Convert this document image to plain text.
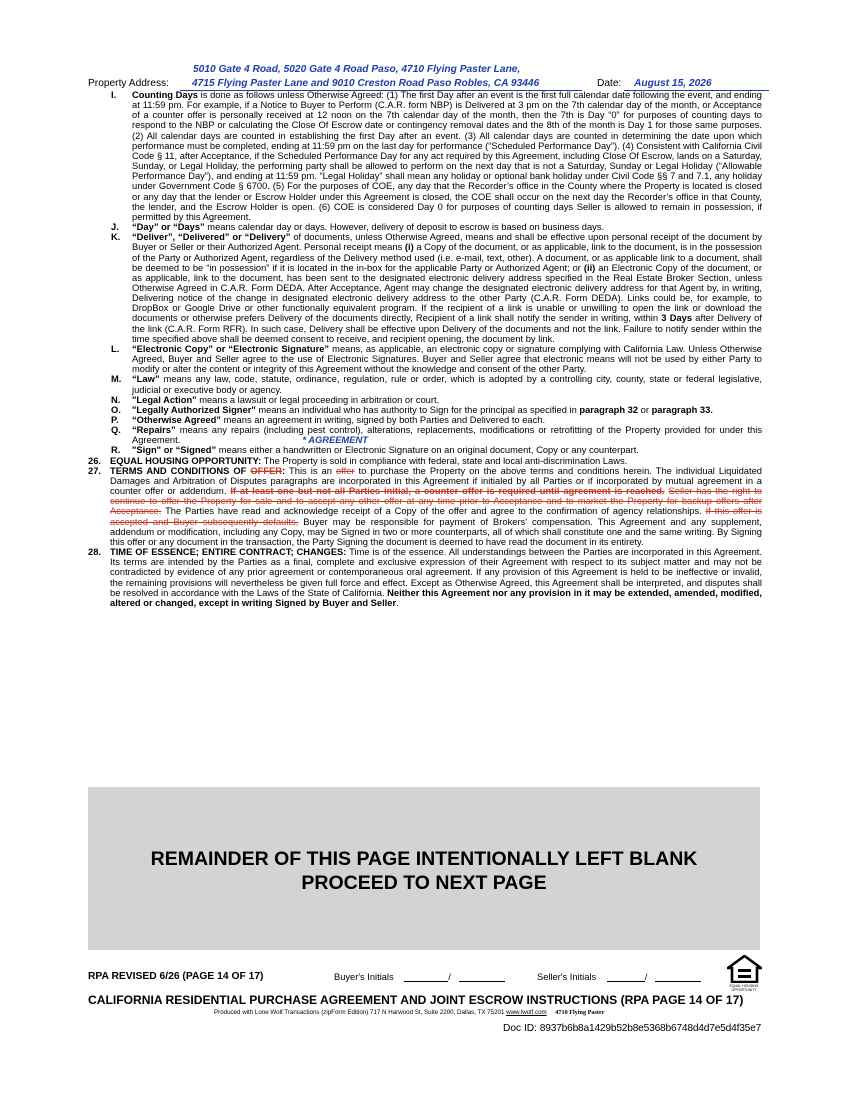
5010 Gate 4 Road, 5020 Gate 4 Road Paso, 4710 Flying Paster Lane,
Property Address:	4715 Flying Paster Lane and 9010 Creston Road Paso Robles, CA 93446	Date:	August 15, 2026

I. Counting Days is done as follows unless Otherwise Agreed: (1) The first Day after an event is the first full calendar date following the event, and ending at 11:59 pm. For example, if a Notice to Buyer to Perform (C.A.R. form NBP) is Delivered at 3 pm on the 7th calendar day of the month, or Acceptance of a counter offer is personally received at 12 noon on the 7th calendar day of the month, then the 7th is Day “0” for purposes of counting days to respond to the NBP or calculating the Close Of Escrow date or contingency removal dates and the 8th of the month is Day 1 for those same purposes. (2) All calendar days are counted in establishing the first Day after an event. (3) All calendar days are counted in determining the date upon which performance must be completed, ending at 11:59 pm on the last day for performance (“Scheduled Performance Day”). (4) Consistent with California Civil Code § 11, after Acceptance, if the Scheduled Performance Day for any act required by this Agreement, including Close Of Escrow, lands on a Saturday, Sunday, or Legal Holiday, the performing party shall be allowed to perform on the next day that is not a Saturday, Sunday or Legal Holiday (“Allowable Performance Day”), and ending at 11:59 pm. “Legal Holiday” shall mean any holiday or optional bank holiday under Civil Code §§ 7 and 7.1, any holiday under Government Code § 6700. (5) For the purposes of COE, any day that the Recorder’s office in the County where the Property is located is closed or any day that the lender or Escrow Holder under this Agreement is closed, the COE shall occur on the next day the Recorder’s office in that County, the lender, and the Escrow Holder is open. (6) COE is considered Day 0 for purposes of counting days Seller is allowed to remain in possession, if permitted by this Agreement.

J. “Day” or “Days” means calendar day or days. However, delivery of deposit to escrow is based on business days.

K. “Deliver”, “Delivered” or “Delivery” of documents, unless Otherwise Agreed, means and shall be effective upon personal receipt of the document by Buyer or Seller or their Authorized Agent. Personal receipt means (i) a Copy of the document, or as applicable, link to the document, is in the possession of the Party or Authorized Agent, regardless of the Delivery method used (i.e. e-mail, text, other). A document, or as applicable link to a document, shall be deemed to be “in possession” if it is located in the in-box for the applicable Party or Authorized Agent; or (ii) an Electronic Copy of the document, or as applicable, link to the document, has been sent to the designated electronic delivery address specified in the Real Estate Broker Section, unless Otherwise Agreed in C.A.R. Form DEDA. After Acceptance, Agent may change the designated electronic delivery address for that Agent by, in writing, Delivering notice of the change in designated electronic delivery address to the other Party (C.A.R. Form DEDA). Links could be, for example, to DropBox or Google Drive or other functionally equivalent program. If the recipient of a link is unable or unwilling to open the link or download the documents or otherwise prefers Delivery of the documents directly, Recipient of a link shall notify the sender in writing, within 3 Days after Delivery of the link (C.A.R. Form RFR). In such case, Delivery shall be effective upon Delivery of the documents and not the link. Failure to notify sender within the time specified above shall be deemed consent to receive, and recipient opening, the document by link.

L. “Electronic Copy” or “Electronic Signature” means, as applicable, an electronic copy or signature complying with California Law. Unless Otherwise Agreed, Buyer and Seller agree to the use of Electronic Signatures. Buyer and Seller agree that electronic means will not be used by either Party to modify or alter the content or integrity of this Agreement without the knowledge and consent of the other Party.

M. “Law” means any law, code, statute, ordinance, regulation, rule or order, which is adopted by a controlling city, county, state or federal legislative, judicial or executive body or agency.

N. "Legal Action" means a lawsuit or legal proceeding in arbitration or court.

O. "Legally Authorized Signer" means an individual who has authority to Sign for the principal as specified in paragraph 32 or paragraph 33.

P. “Otherwise Agreed” means an agreement in writing, signed by both Parties and Delivered to each.

Q. “Repairs” means any repairs (including pest control), alterations, replacements, modifications or retrofitting of the Property provided for under this Agreement.	* AGREEMENT

R. "Sign" or “Signed” means either a handwritten or Electronic Signature on an original document, Copy or any counterpart.

26. EQUAL HOUSING OPPORTUNITY: The Property is sold in compliance with federal, state and local anti-discrimination Laws.

27. TERMS AND CONDITIONS OF OFFER: This is an offer to purchase the Property on the above terms and conditions herein. The individual Liquidated Damages and Arbitration of Disputes paragraphs are incorporated in this Agreement if initialed by all Parties or if incorporated by mutual agreement in a counter offer or addendum. If at least one but not all Parties initial, a counter offer is required until agreement is reached. Seller has the right to continue to offer the Property for sale and to accept any other offer at any time prior to Acceptance and to market the Property for backup offers after Acceptance. The Parties have read and acknowledge receipt of a Copy of the offer and agree to the confirmation of agency relationships. If this offer is accepted and Buyer subsequently defaults, Buyer may be responsible for payment of Brokers' compensation. This Agreement and any supplement, addendum or modification, including any Copy, may be Signed in two or more counterparts, all of which shall constitute one and the same writing. By Signing this offer or any document in the transaction, the Party Signing the document is deemed to have read the document in its entirety.

28. TIME OF ESSENCE; ENTIRE CONTRACT; CHANGES: Time is of the essence. All understandings between the Parties are incorporated in this Agreement. Its terms are intended by the Parties as a final, complete and exclusive expression of their Agreement with respect to its subject matter and may not be contradicted by evidence of any prior agreement or contemporaneous oral agreement. If any provision of this Agreement is held to be ineffective or invalid, the remaining provisions will nevertheless be given full force and effect. Except as Otherwise Agreed, this Agreement shall be interpreted, and disputes shall be resolved in accordance with the Laws of the State of California. Neither this Agreement nor any provision in it may be extended, amended, modified, altered or changed, except in writing Signed by Buyer and Seller.

REMAINDER OF THIS PAGE INTENTIONALLY LEFT BLANK
PROCEED TO NEXT PAGE
RPA REVISED 6/26 (PAGE 14 OF 17)	Buyer's Initials	/	Seller's Initials	/
EQUAL HOUSING OPPORTUNITY
CALIFORNIA RESIDENTIAL PURCHASE AGREEMENT AND JOINT ESCROW INSTRUCTIONS (RPA PAGE 14 OF 17)
Produced with Lone Wolf Transactions (zipForm Edition) 717 N Harwood St, Suite 2200, Dallas, TX 75201 www.lwolf.com 4710 Flying Paster
Doc ID: 8937b6b8a1429b52b8e5368b6748d4d7e5d4f35e7
